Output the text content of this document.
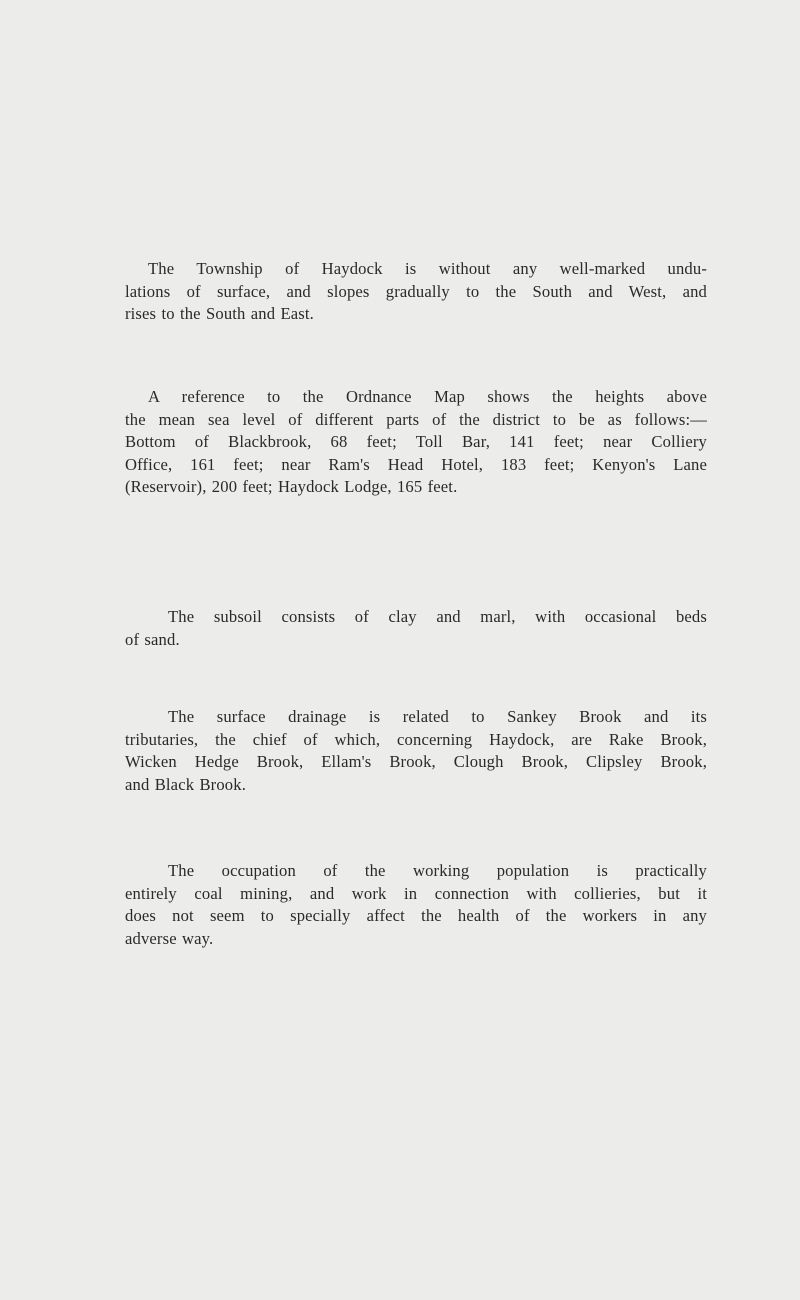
The Township of Haydock is without any well-marked undu-
lations of surface, and slopes gradually to the South and West, and
rises to the South and East.
A reference to the Ordnance Map shows the heights above
the mean sea level of different parts of the district to be as follows:—
Bottom of Blackbrook, 68 feet; Toll Bar, 141 feet; near Colliery
Office, 161 feet; near Ram's Head Hotel, 183 feet; Kenyon's Lane
(Reservoir), 200 feet; Haydock Lodge, 165 feet.
The subsoil consists of clay and marl, with occasional beds
of sand.
The surface drainage is related to Sankey Brook and its
tributaries, the chief of which, concerning Haydock, are Rake Brook,
Wicken Hedge Brook, Ellam's Brook, Clough Brook, Clipsley Brook,
and Black Brook.
The occupation of the working population is practically
entirely coal mining, and work in connection with collieries, but it
does not seem to specially affect the health of the workers in any
adverse way.
